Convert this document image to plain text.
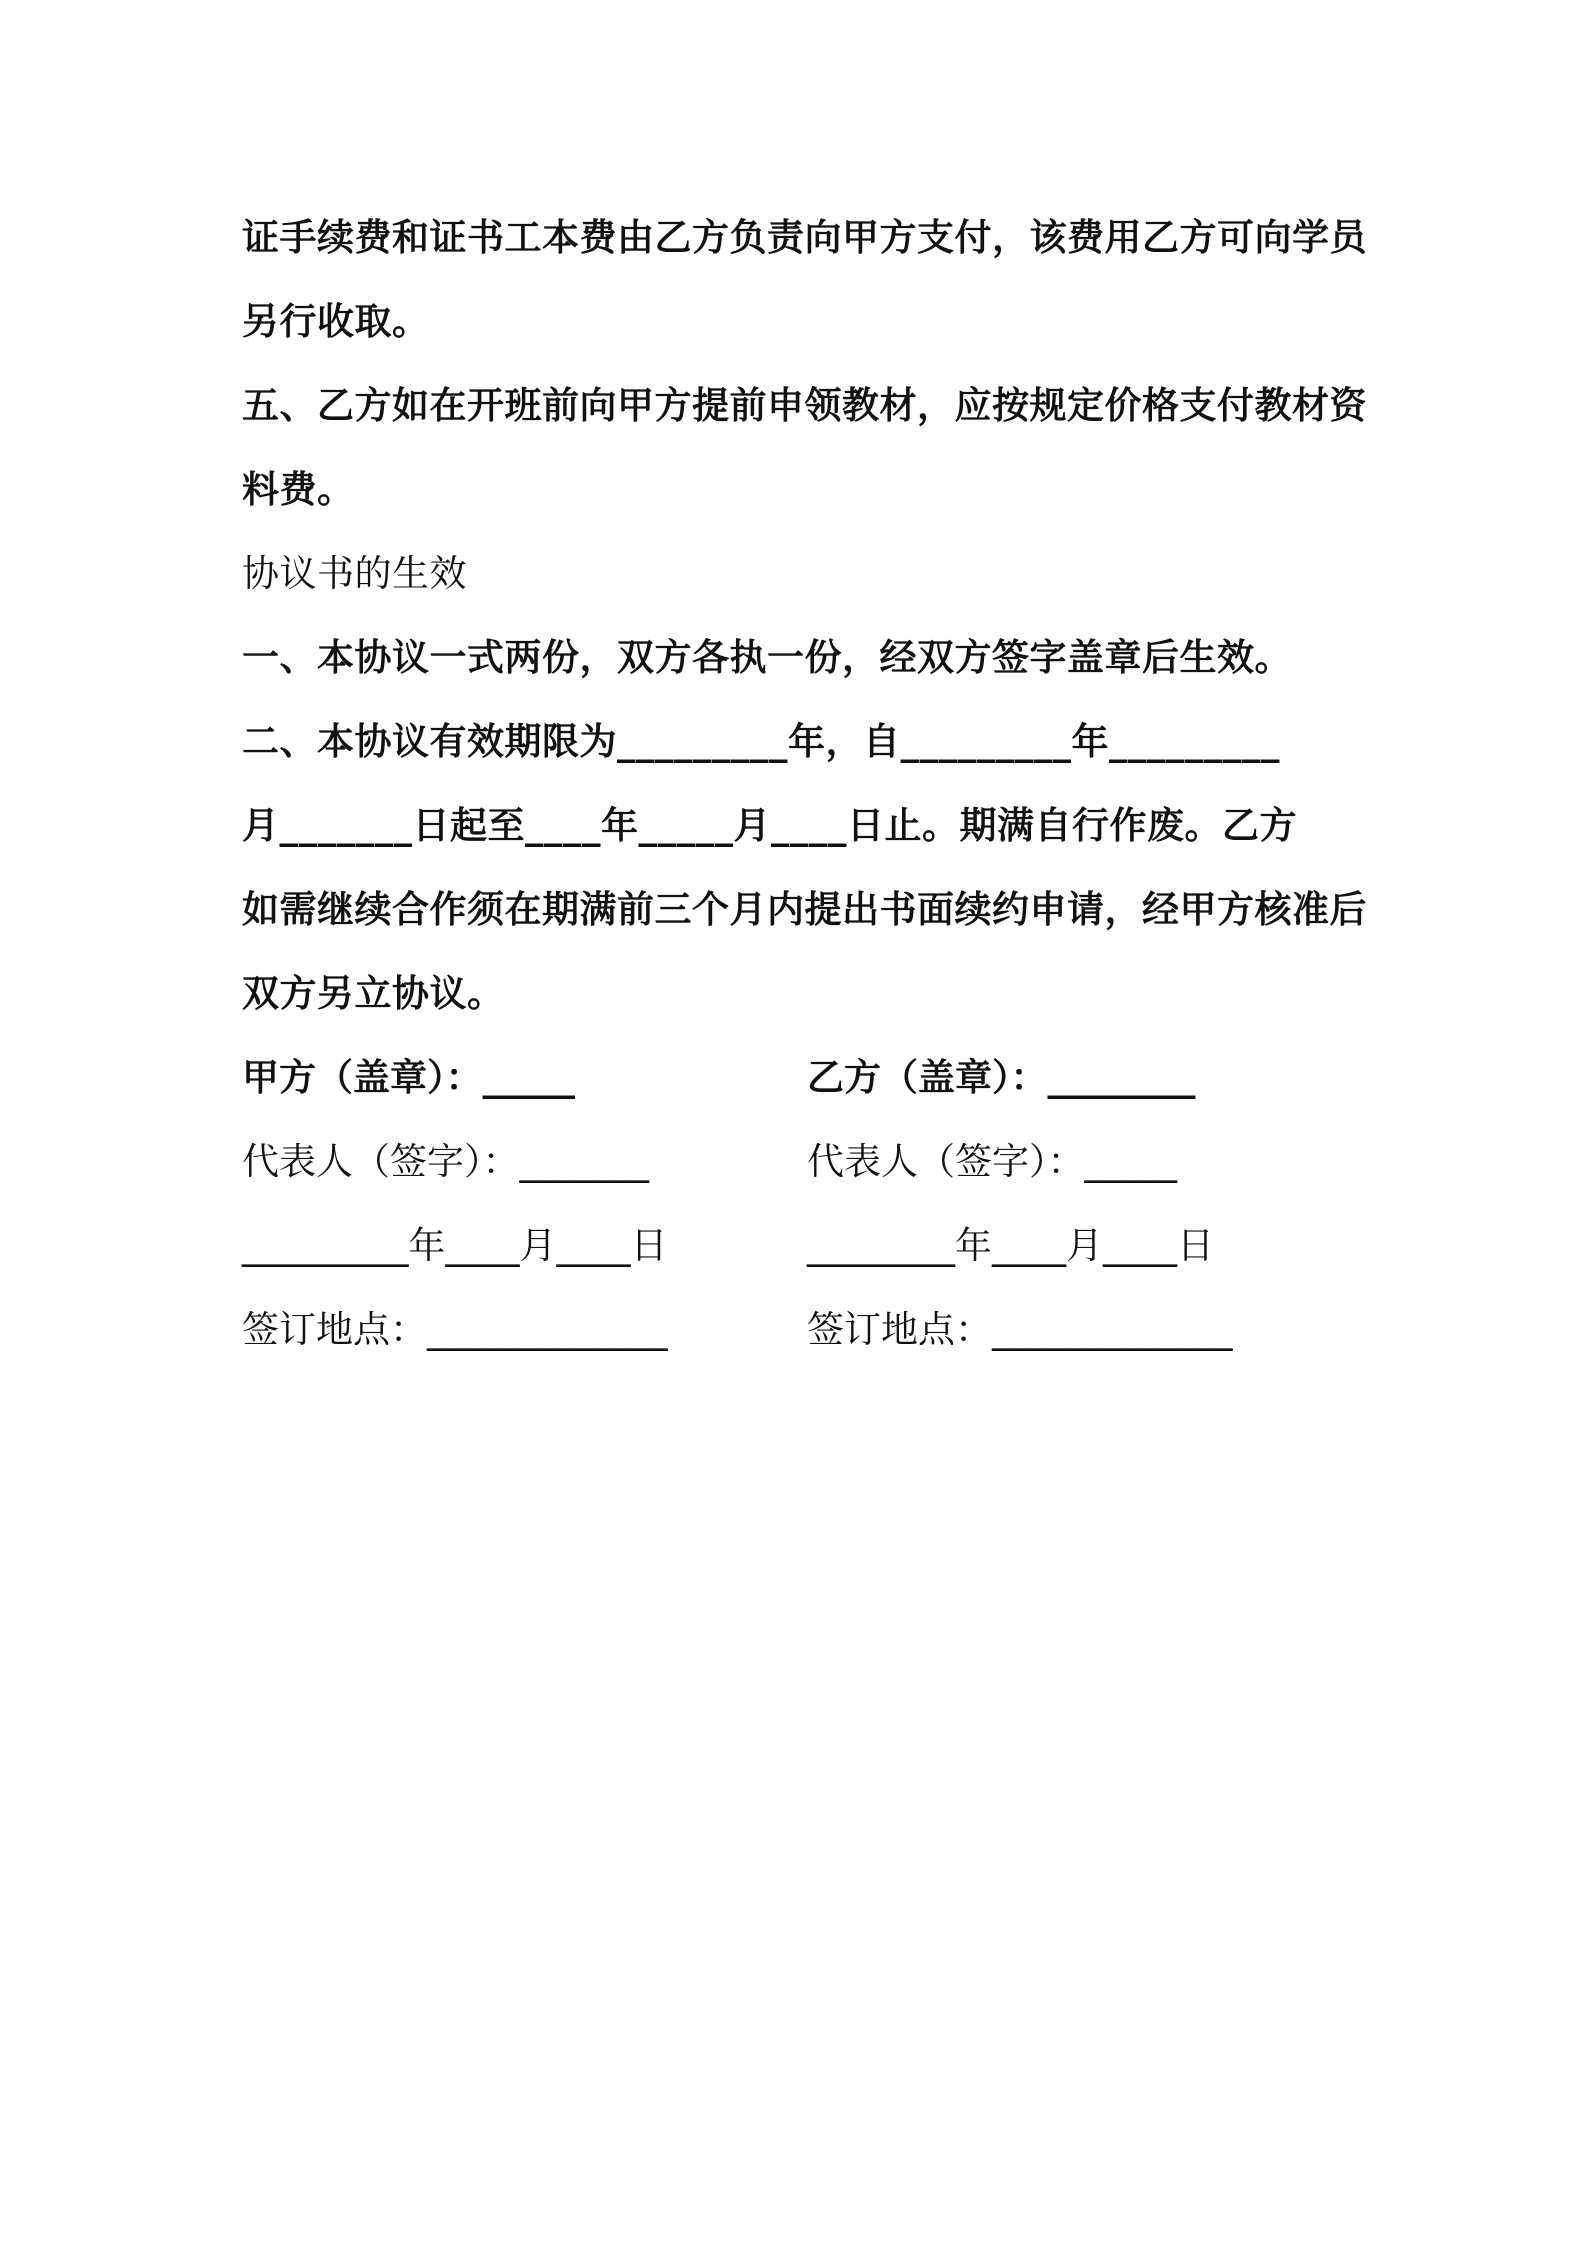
证手续费和证书工本费由乙方负责向甲方支付，该费用乙方可向学员
另行收取。
五、乙方如在开班前向甲方提前申领教材，应按规定价格支付教材资
料费。
协议书的生效
一、本协议一式两份，双方各执一份，经双方签字盖章后生效。
二、本协议有效期限为_________年，自_________年_________
月_______日起至____年_____月____日止。期满自行作废。乙方
如需继续合作须在期满前三个月内提出书面续约申请，经甲方核准后
双方另立协议。
甲方（盖章）：_____	乙方（盖章）：________
代表人（签字）：_______	代表人（签字）：_____
_________年____月____日	________年____月____日
签订地点：_____________	签订地点：_____________
